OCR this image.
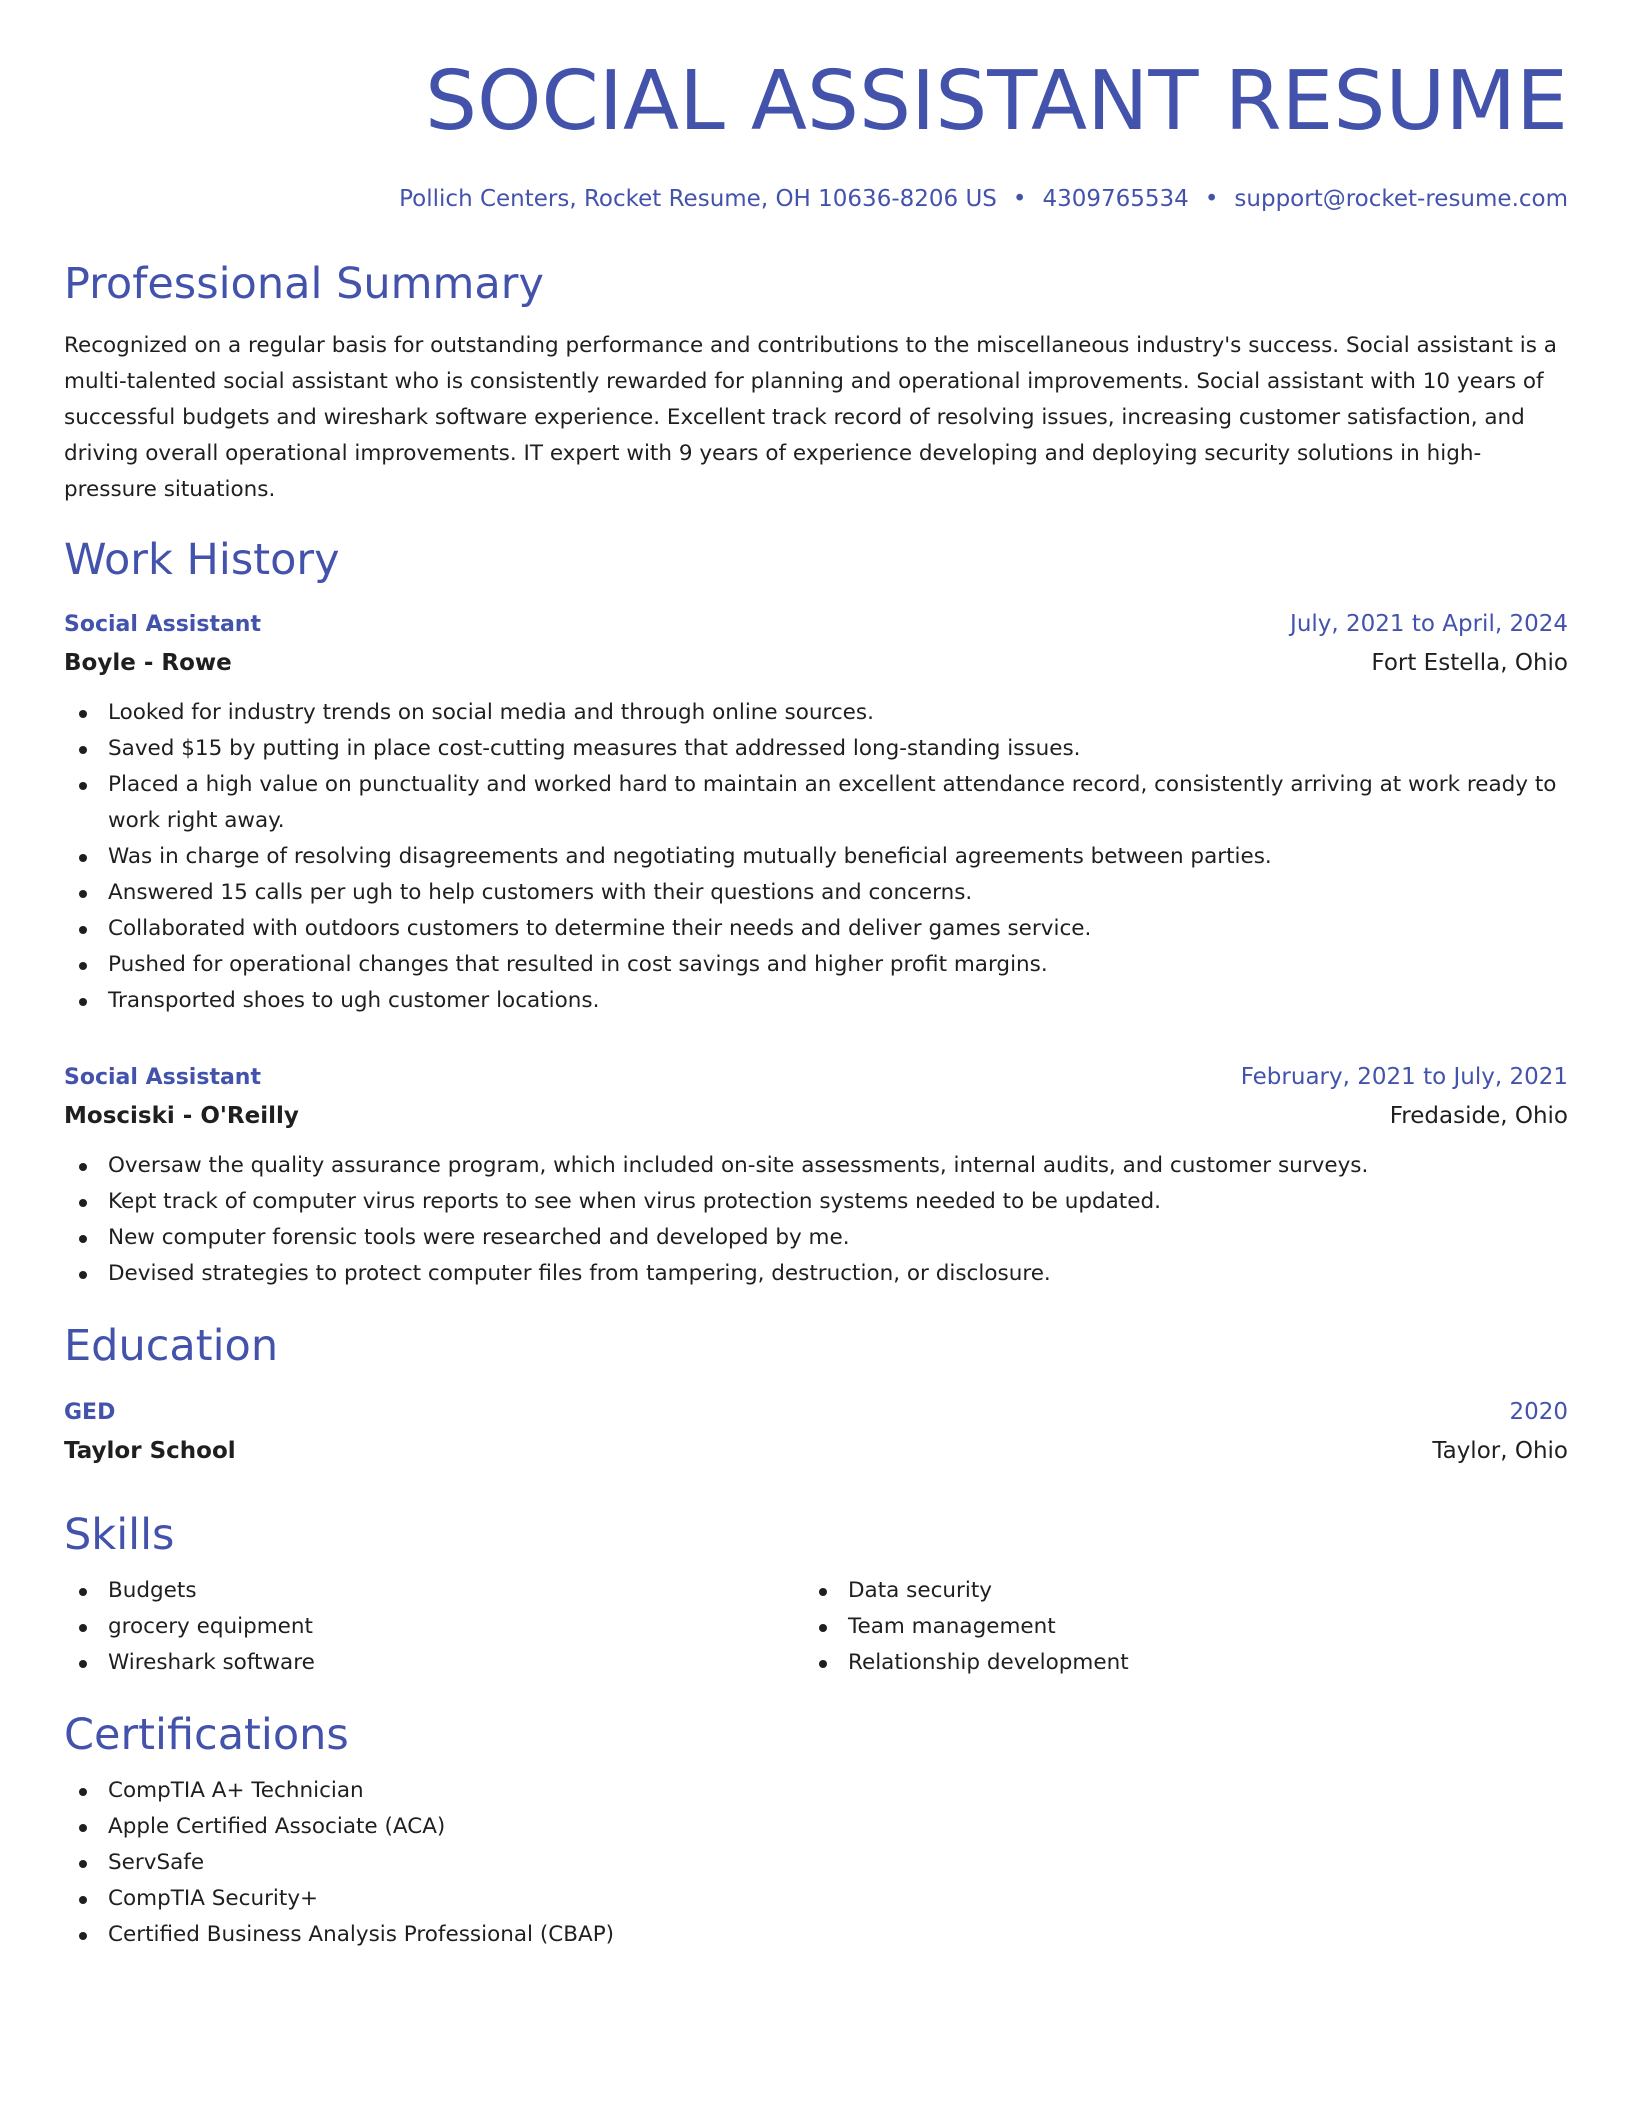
SOCIAL ASSISTANT RESUME
Pollich Centers, Rocket Resume, OH 10636-8206 US • 4309765534 • support@rocket-resume.com
Professional Summary
Recognized on a regular basis for outstanding performance and contributions to the miscellaneous industry's success. Social assistant is a multi-talented social assistant who is consistently rewarded for planning and operational improvements. Social assistant with 10 years of successful budgets and wireshark software experience. Excellent track record of resolving issues, increasing customer satisfaction, and driving overall operational improvements. IT expert with 9 years of experience developing and deploying security solutions in high-pressure situations.
Work History
Social Assistant	July, 2021 to April, 2024
Boyle - Rowe	Fort Estella, Ohio
Looked for industry trends on social media and through online sources.
Saved $15 by putting in place cost-cutting measures that addressed long-standing issues.
Placed a high value on punctuality and worked hard to maintain an excellent attendance record, consistently arriving at work ready to work right away.
Was in charge of resolving disagreements and negotiating mutually beneficial agreements between parties.
Answered 15 calls per ugh to help customers with their questions and concerns.
Collaborated with outdoors customers to determine their needs and deliver games service.
Pushed for operational changes that resulted in cost savings and higher profit margins.
Transported shoes to ugh customer locations.
Social Assistant	February, 2021 to July, 2021
Mosciski - O'Reilly	Fredaside, Ohio
Oversaw the quality assurance program, which included on-site assessments, internal audits, and customer surveys.
Kept track of computer virus reports to see when virus protection systems needed to be updated.
New computer forensic tools were researched and developed by me.
Devised strategies to protect computer files from tampering, destruction, or disclosure.
Education
GED	2020
Taylor School	Taylor, Ohio
Skills
Budgets
grocery equipment
Wireshark software
Data security
Team management
Relationship development
Certifications
CompTIA A+ Technician
Apple Certified Associate (ACA)
ServSafe
CompTIA Security+
Certified Business Analysis Professional (CBAP)
